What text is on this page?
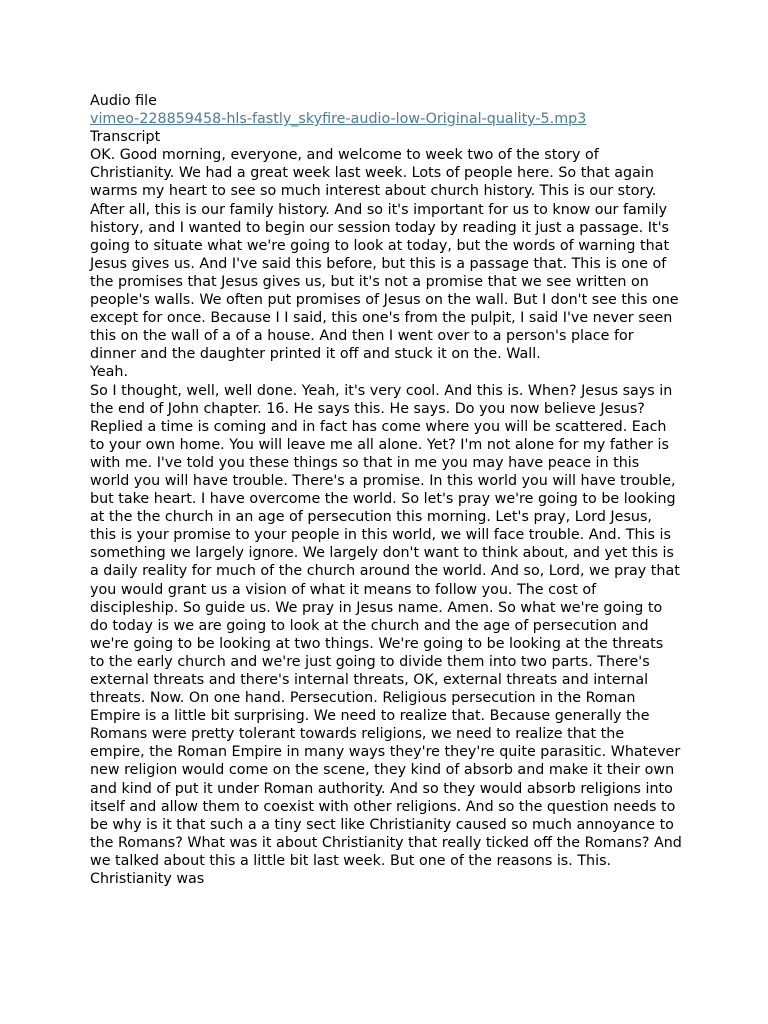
Audio file

vimeo-228859458-hls-fastly_skyfire-audio-low-Original-quality-5.mp3

Transcript

OK. Good morning, everyone, and welcome to week two of the story of Christianity. We had a great week last week. Lots of people here. So that again warms my heart to see so much interest about church history. This is our story. After all, this is our family history. And so it's important for us to know our family history, and I wanted to begin our session today by reading it just a passage. It's going to situate what we're going to look at today, but the words of warning that Jesus gives us. And I've said this before, but this is a passage that. This is one of the promises that Jesus gives us, but it's not a promise that we see written on people's walls. We often put promises of Jesus on the wall. But I don't see this one except for once. Because I I said, this one's from the pulpit, I said I've never seen this on the wall of a of a house. And then I went over to a person's place for dinner and the daughter printed it off and stuck it on the. Wall.

Yeah.

So I thought, well, well done. Yeah, it's very cool. And this is. When? Jesus says in the end of John chapter. 16. He says this. He says. Do you now believe Jesus? Replied a time is coming and in fact has come where you will be scattered. Each to your own home. You will leave me all alone. Yet? I'm not alone for my father is with me. I've told you these things so that in me you may have peace in this world you will have trouble. There's a promise. In this world you will have trouble, but take heart. I have overcome the world. So let's pray we're going to be looking at the the church in an age of persecution this morning. Let's pray, Lord Jesus, this is your promise to your people in this world, we will face trouble. And. This is something we largely ignore. We largely don't want to think about, and yet this is a daily reality for much of the church around the world. And so, Lord, we pray that you would grant us a vision of what it means to follow you. The cost of discipleship. So guide us. We pray in Jesus name. Amen. So what we're going to do today is we are going to look at the church and the age of persecution and we're going to be looking at two things. We're going to be looking at the threats to the early church and we're just going to divide them into two parts. There's external threats and there's internal threats, OK, external threats and internal threats. Now. On one hand. Persecution. Religious persecution in the Roman Empire is a little bit surprising. We need to realize that. Because generally the Romans were pretty tolerant towards religions, we need to realize that the empire, the Roman Empire in many ways they're they're quite parasitic. Whatever new religion would come on the scene, they kind of absorb and make it their own and kind of put it under Roman authority. And so they would absorb religions into itself and allow them to coexist with other religions. And so the question needs to be why is it that such a a tiny sect like Christianity caused so much annoyance to the Romans? What was it about Christianity that really ticked off the Romans? And we talked about this a little bit last week. But one of the reasons is. This. Christianity was
